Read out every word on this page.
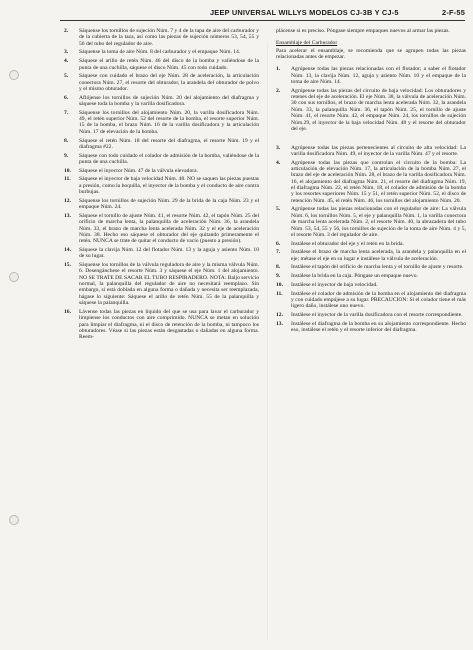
JEEP UNIVERSAL WILLYS MODELOS CJ-3B Y CJ-5	2-F-55
2. Sáquense los tornillos de sujeción Núm. 7 y 4 de la tapa de aire del carburador y de la cubierta de la taza, así como las piezas de sujeción números 53, 54, 55 y 56 del tubo del regulador de aire.
3. Sáquense la toma de aire Núm. 8 del carburador y el empaque Núm. 14.
4. Sáquese el arillo de retén Núm. 46 del disco de la bomba y valiéndose de la punta de una cuchilla, sáquese el disco Núm. 45 con todo cuidado.
5. Sáquese con cuidado el brazo del eje Núm. 28 de aceleración, la articulación conectora Núm. 27, el resorte del obturador, la arandela del obturador de polvo y el mismo obturador.
6. Aflójense los tornillos de sujeción Núm. 20 del alojamiento del diafragma y sáquese toda la bomba y la varilla dosificadora.
7. Sáquense los tornillos del alojamiento Núm. 20, la varilla dosificadora Núm. 49, el retén superior Núm. 52 del resorte de la bomba, el resorte superior Núm. 15 de la bomba, el brazo Núm. 16 de la varilla dosificadora y la articulación Núm. 17 de elevación de la bomba.
8. Sáquese el retén Núm. 18 del resorte del diafragma, el resorte Núm. 19 y el diafragma #22.
9. Sáquese con todo cuidado el colador de admisión de la bomba, valiéndose de la punta de una cuchilla.
10. Sáquese el inyector Núm. 47 de la válvula elevadora.
11. Sáquese el inyector de baja velocidad Núm. 48. NO se saquen las piezas puestas a presión, como la boquilla, el inyector de la bomba y el conducto de aire contra burbujas.
12. Sáquense los tornillos de sujeción Núm. 29 de la brida de la caja Núm. 23 y el empaque Núm. 24.
13. Sáquese el tornillo de ajuste Núm. 41, el resorte Núm. 42, el tapón Núm. 25 del orificio de marcha lenta, la palanquilla de aceleración Núm. 36, la arandela Núm. 33, el brazo de marcha lenta acelerada Núm. 32 y el eje de aceleración Núm. 38. Hecho eso sáquese el obturador del eje quitando primeramente el retén. NUNCA se trate de quitar el conducto de vacío (puesto a presión).
14. Sáquese la clavija Núm. 12 del flotador Núm. 13 y la aguja y asiento Núm. 10 de su lugar.
15. Sáquense los tornillos de la válvula reguladora de aire y la misma válvula Núm. 6. Desengánchese el resorte Núm. 3 y sáquese el eje Núm. 1 del alojamiento. NO SE TRATE DE SACAR EL TUBO RESPIRADERO. NOTA: Baljo servicio normal, la palanquilla del regulador de aire no necesitará reemplazo. Sin embargo, si está doblada en alguna forma o dañada y necesita ser reemplazada, hágase lo siguiente: Sáquese el arillo de retén Núm. 55 de la palanquilla y sáquese la palanquilla.
16. Lávense todas las piezas en líquido del que se usa para lavar el carburador y límpiense los conductos con aire comprimido. NUNCA se metan en solución para limpiar el diafragma, ni el disco de retención de la bomba, ni tampoco los obturadores. Véase si las piezas están desgastadas o dañadas en alguna forma. Reem-

plácense si es preciso. Póngase siempre empaques nuevos al armar las piezas.

Ensamblaje del Carburador

Para acelerar el ensamblaje, se recomienda que se agrupen todas las piezas relacionadas antes de empezar.

1. Agrúpense todas las piezas relacionadas con el flotador; a saber el flotador Núm. 13, la clavija Núm. 12, aguja y asiento Núm. 10 y el empaque de la toma de aire Núm. 14.
2. Agrúpense todas las piezas del circuito de baja velocidad: Los obturadores y retenes del eje de aceleración. El eje Núm. 38, la válvula de aceleración Núm. 30 con sus tornillos, el brazo de marcha lenta acelerada Núm. 32, la arandela Núm. 33, la palanquilla Núm. 36, el tapón Núm. 25, el tornillo de ajuste Núm. 41, el resorte Núm. 42, el empaque Núm. 24, los tornillos de sujeción Núm.29, el inyector de la baja velocidad Núm. 48 y el resorte del obturador del eje.
3. Agrúpense todas las piezas pertenecientes al circuito de alta velocidad: La varilla dosificadora Núm. 49, el inyector de la varilla Núm. 47 y el resorte.
4. Agrúpense todas las piezas que controlan el circuito de la bomba: La articulación de elevación Núm. 17, la articulación de la bomba Núm. 27, el brazo del eje de aceleración Núm. 28, el brazo de la varilla dosificadora Núm. 16, el alojamiento del diafragma Núm. 21, el resorte del diafragma Núm. 19, el diafragma Núm. 22, el retén Núm. 18, el colador de admisión de la bomba y los resortes superiores Núm. 15 y 51, el retén superior Núm. 52, el disco de retención Núm. 45, el retén Núm. 46, los tornillos del alojamiento Núm. 20.
5. Agrúpense todas las piezas relacionadas con el regulador de aire: La válvula Núm. 6, los tornillos Núm. 5, el eje y palanquilla Núm. 1, la varilla conectora de marcha lenta acelerada Núm. 2, el resorte Núm. 40, la abrazadera del tubo Núm. 53, 54, 55 y 56, los tornillos de sujeción de la toma de aire Núm. 4 y 5, el resorte Núm. 3 del regulador de aire.
6. Instálese el obturador del eje y el retén en la brida.
7. Instálese el brazo de marcha lenta acelerada, la arandela y palanquilla en el eje; métase el eje en su lugar e instálese la válvula de aceleración.
8. Instálese el tapón del orificio de marcha lenta y el tornillo de ajuste y resorte.
9. Instálese la brida en la caja. Póngase un empaque nuevo.
10. Instálese el inyector de baja velocidad.
11. Instálese el colador de admisión de la bomba en el alojamiento del diafragma y con cuidado empújese a su lugar. PRECAUCION: Si el colador tiene el más ligero daño, instálese uno nuevo.
12. Instálese el inyector de la varilla dosificadora con el resorte correspondiente.
13. Instálese el diafragma de la bomba en su alojamiento correspondiente. Hecho eso, instálese el retén y el resorte inferior del diafragma.
